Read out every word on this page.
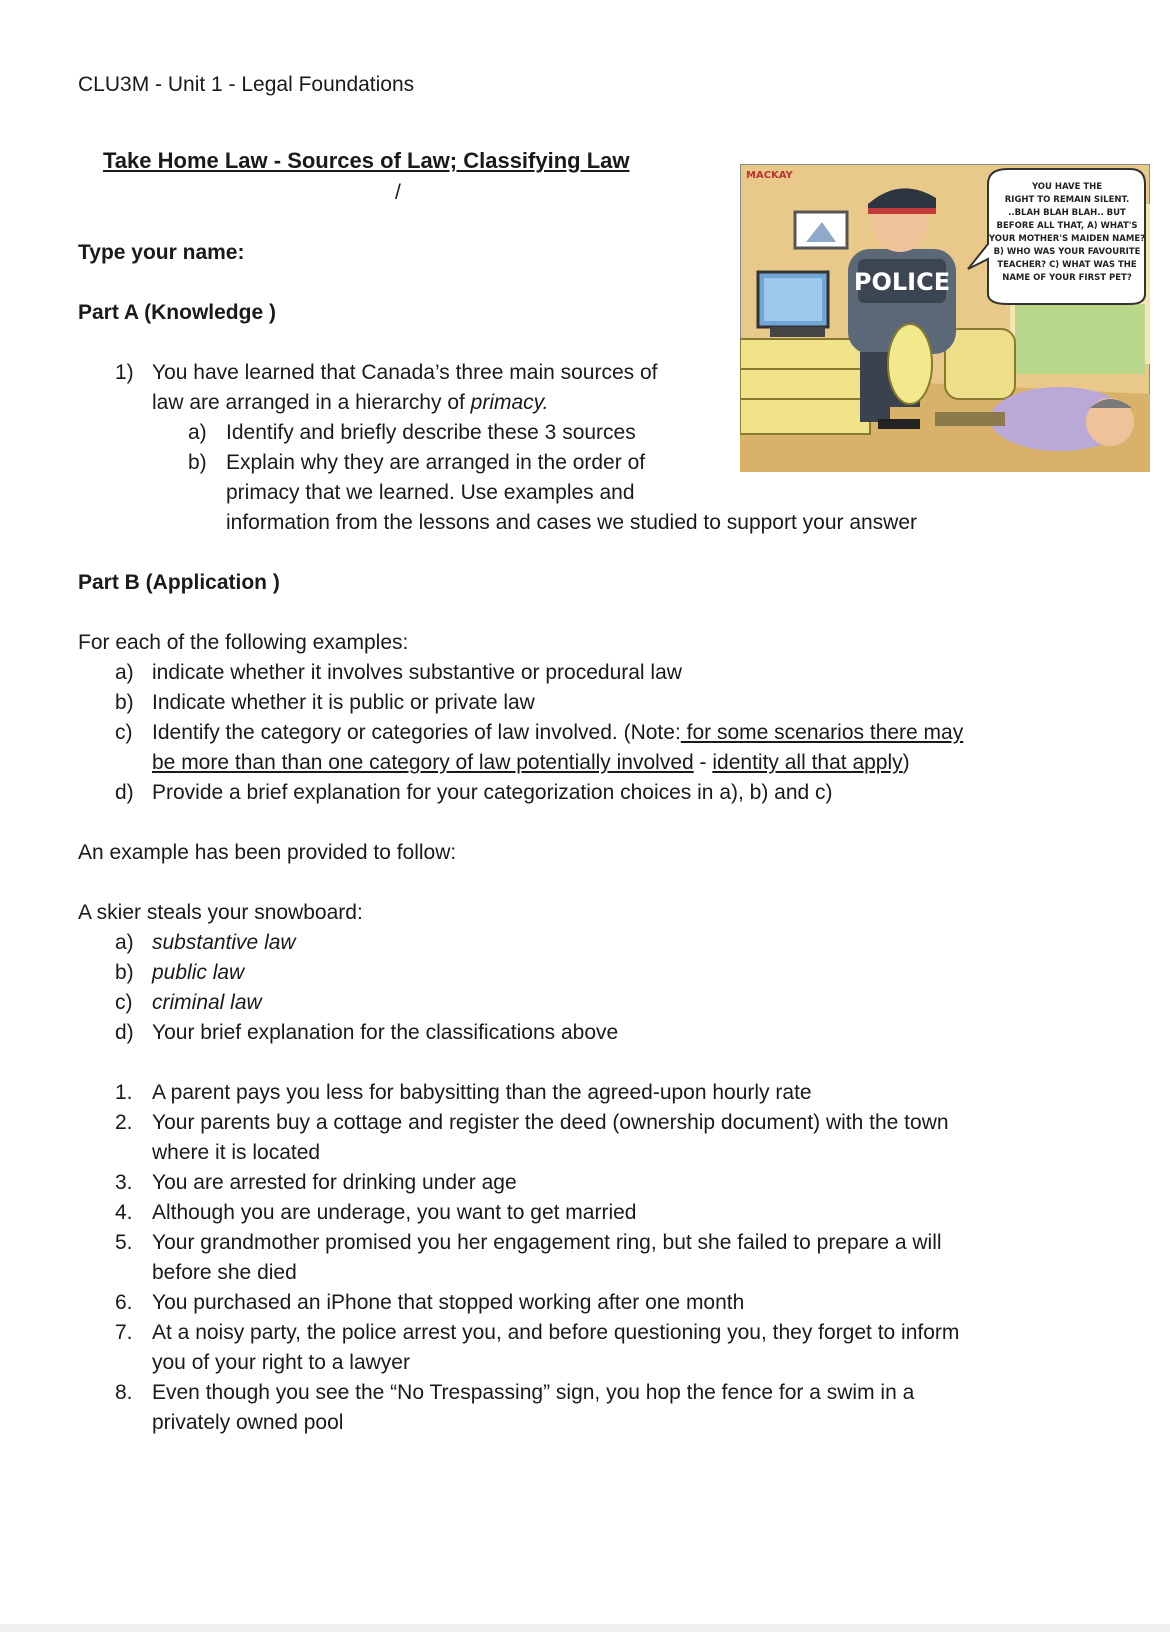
CLU3M - Unit 1 - Legal Foundations
Take Home Law - Sources of Law; Classifying Law
/
Type your name:
Part A (Knowledge )
1) You have learned that Canada’s three main sources of
law are arranged in a hierarchy of primacy.
a) Identify and briefly describe these 3 sources
b) Explain why they are arranged in the order of
primacy that we learned. Use examples and
information from the lessons and cases we studied to support your answer
POLICE
YOU HAVE THE
RIGHT TO REMAIN SILENT.
..BLAH BLAH BLAH.. BUT
BEFORE ALL THAT, A) WHAT'S
YOUR MOTHER'S MAIDEN NAME?
B) WHO WAS YOUR FAVOURITE
TEACHER? C) WHAT WAS THE
NAME OF YOUR FIRST PET?
MACKAY
Part B (Application )
For each of the following examples:
a) indicate whether it involves substantive or procedural law
b) Indicate whether it is public or private law
c) Identify the category or categories of law involved. (Note: for some scenarios there may
be more than than one category of law potentially involved - identity all that apply)
d) Provide a brief explanation for your categorization choices in a), b) and c)
An example has been provided to follow:
A skier steals your snowboard:
a) substantive law
b) public law
c) criminal law
d) Your brief explanation for the classifications above
1. A parent pays you less for babysitting than the agreed-upon hourly rate
2. Your parents buy a cottage and register the deed (ownership document) with the town
where it is located
3. You are arrested for drinking under age
4. Although you are underage, you want to get married
5. Your grandmother promised you her engagement ring, but she failed to prepare a will
before she died
6. You purchased an iPhone that stopped working after one month
7. At a noisy party, the police arrest you, and before questioning you, they forget to inform
you of your right to a lawyer
8. Even though you see the “No Trespassing” sign, you hop the fence for a swim in a
privately owned pool
